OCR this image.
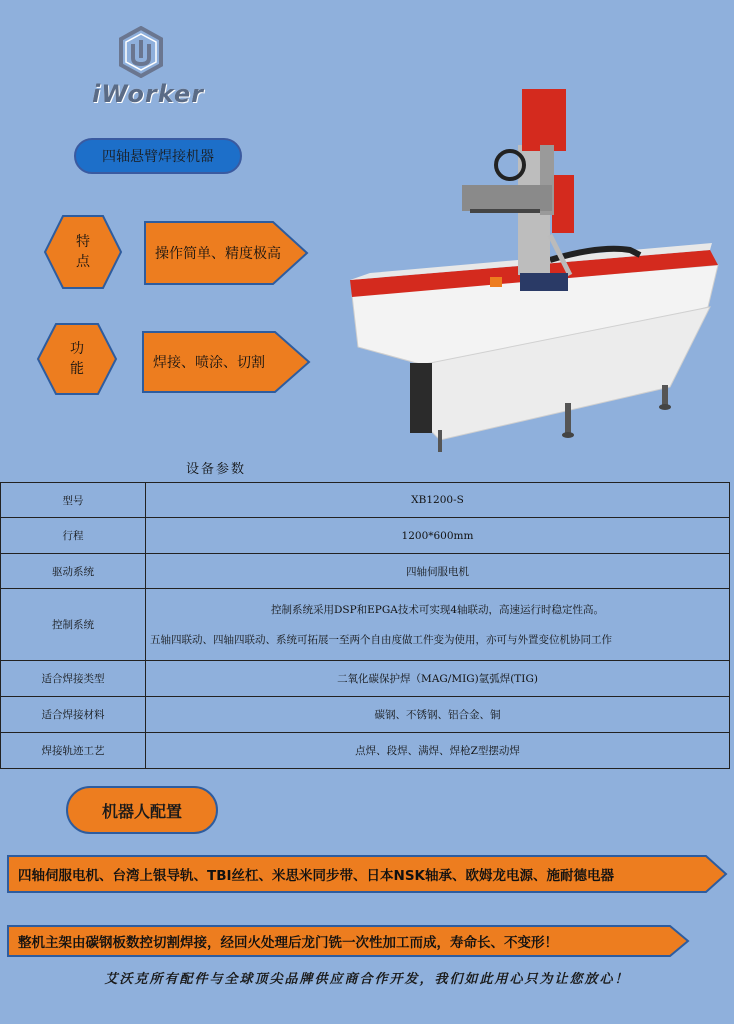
iWorker
四轴悬臂焊接机器
特
点	操作简单、精度极高
功
能	焊接、喷涂、切割
设备参数
型号	XB1200-S
行程	1200*600mm
驱动系统	四轴伺服电机
控制系统	控制系统采用DSP和EPGA技术可实现4轴联动，高速运行时稳定性高。
五轴四联动、四轴四联动、系统可拓展一至两个自由度做工件变为使用，亦可与外置变位机协同工作

适合焊接类型	二氧化碳保护焊（MAG/MIG)氩弧焊(TIG)
适合焊接材料	碳钢、不锈钢、铝合金、铜
焊接轨迹工艺	点焊、段焊、满焊、焊枪Z型摆动焊
机器人配置
四轴伺服电机、台湾上银导轨、TBI丝杠、米思米同步带、日本NSK轴承、欧姆龙电源、施耐德电器
整机主架由碳钢板数控切割焊接，经回火处理后龙门铣一次性加工而成，寿命长、不变形！
艾沃克所有配件与全球顶尖品牌供应商合作开发，我们如此用心只为让您放心！
